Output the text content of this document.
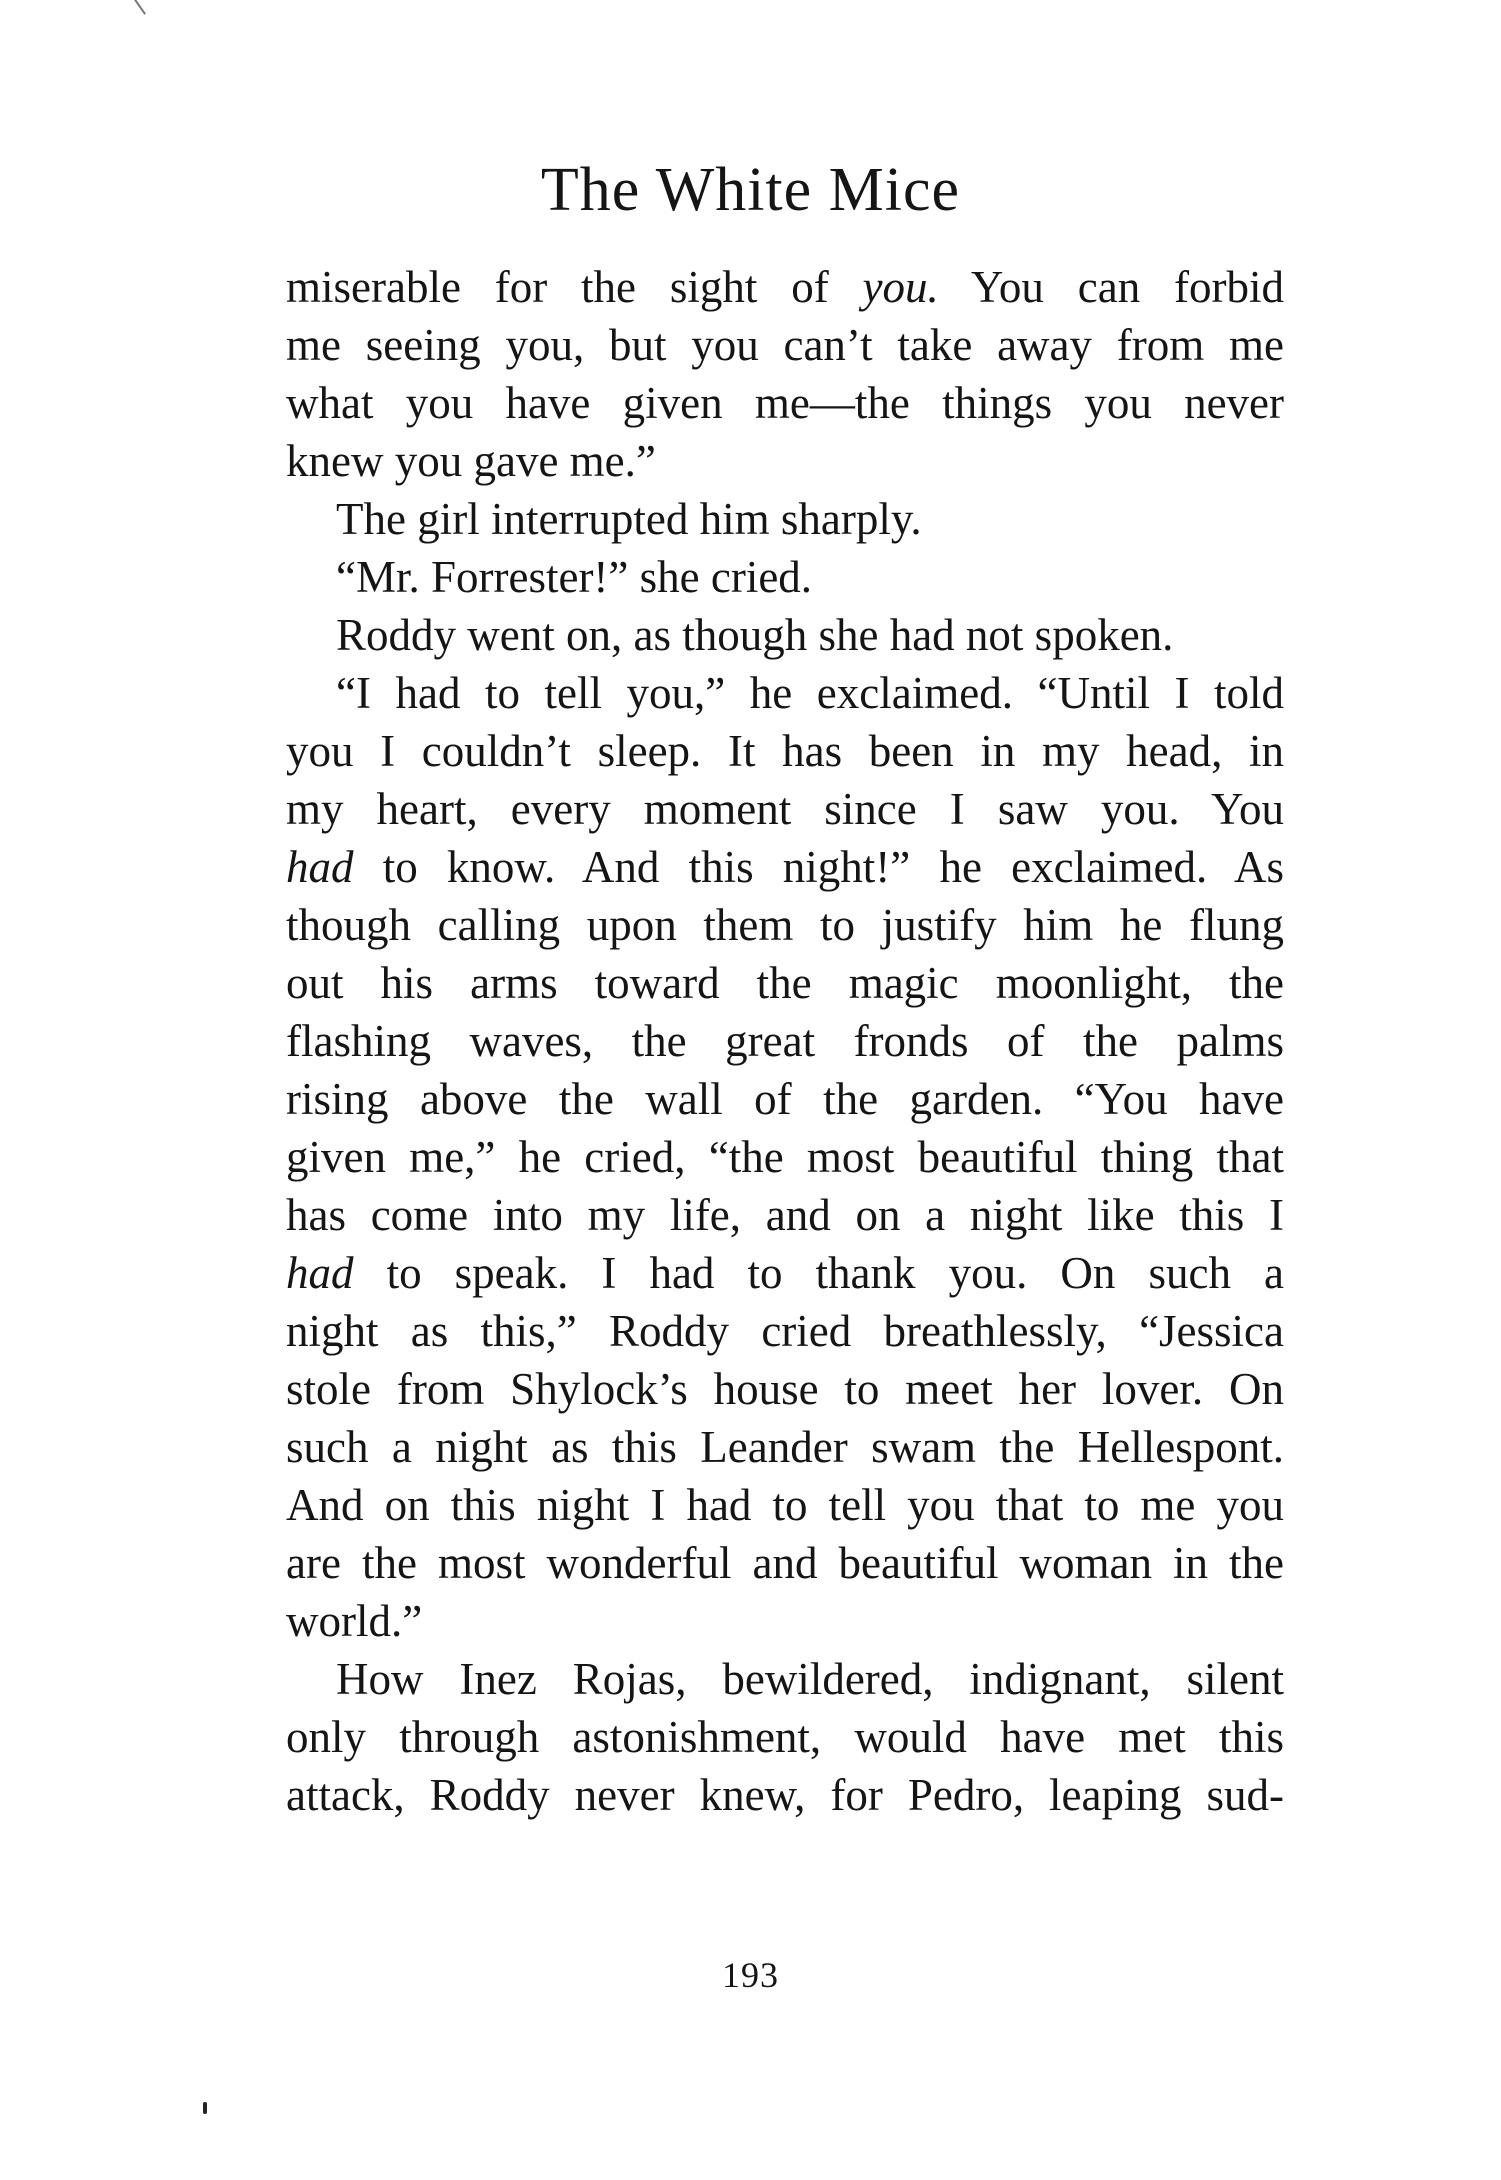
The White Mice
miserable for the sight of you. You can forbid
me seeing you, but you can’t take away from me
what you have given me—the things you never
knew you gave me.”
The girl interrupted him sharply.
“Mr. Forrester!” she cried.
Roddy went on, as though she had not spoken.
“I had to tell you,” he exclaimed. “Until I told
you I couldn’t sleep. It has been in my head, in
my heart, every moment since I saw you. You
had to know. And this night!” he exclaimed. As
though calling upon them to justify him he flung
out his arms toward the magic moonlight, the
flashing waves, the great fronds of the palms
rising above the wall of the garden. “You have
given me,” he cried, “the most beautiful thing that
has come into my life, and on a night like this I
had to speak. I had to thank you. On such a
night as this,” Roddy cried breathlessly, “Jessica
stole from Shylock’s house to meet her lover. On
such a night as this Leander swam the Hellespont.
And on this night I had to tell you that to me you
are the most wonderful and beautiful woman in the
world.”
How Inez Rojas, bewildered, indignant, silent
only through astonishment, would have met this
attack, Roddy never knew, for Pedro, leaping sud-
193
